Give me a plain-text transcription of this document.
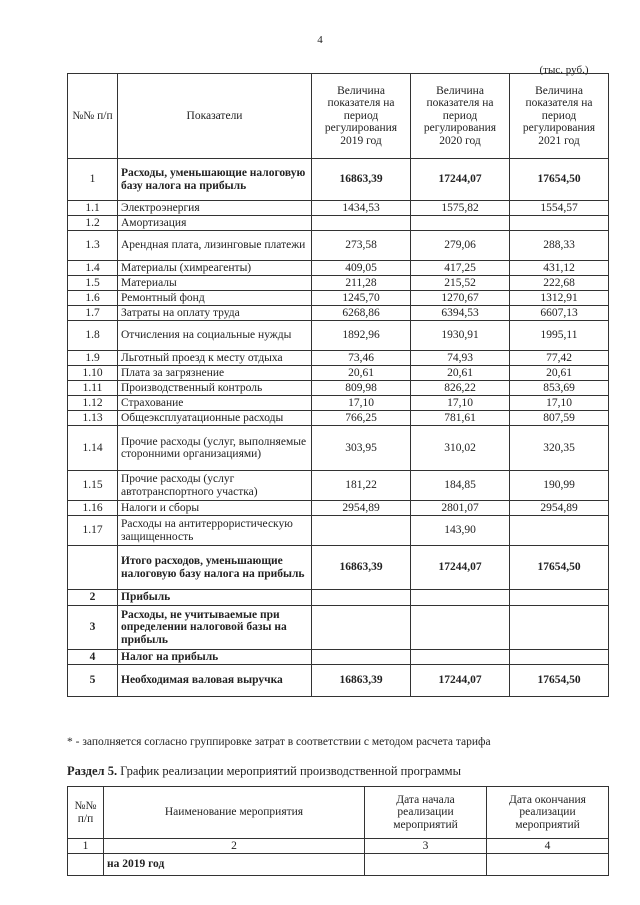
4
(тыс. руб.)
№№ п/п	Показатели	Величина показателя на период регулирования 2019 год	Величина показателя на период регулирования 2020 год	Величина показателя на период регулирования 2021 год
1	Расходы, уменьшающие налоговую базу налога на прибыль	16863,39	17244,07	17654,50
1.1	Электроэнергия	1434,53	1575,82	1554,57
1.2	Амортизация			
1.3	Арендная плата, лизинговые платежи	273,58	279,06	288,33
1.4	Материалы (химреагенты)	409,05	417,25	431,12
1.5	Материалы	211,28	215,52	222,68
1.6	Ремонтный фонд	1245,70	1270,67	1312,91
1.7	Затраты на оплату труда	6268,86	6394,53	6607,13
1.8	Отчисления на социальные нужды	1892,96	1930,91	1995,11
1.9	Льготный проезд к месту отдыха	73,46	74,93	77,42
1.10	Плата за загрязнение	20,61	20,61	20,61
1.11	Производственный контроль	809,98	826,22	853,69
1.12	Страхование	17,10	17,10	17,10
1.13	Общеэксплуатационные расходы	766,25	781,61	807,59
1.14	Прочие расходы (услуг, выполняемые сторонними организациями)	303,95	310,02	320,35
1.15	Прочие расходы (услуг автотранспортного участка)	181,22	184,85	190,99
1.16	Налоги и сборы	2954,89	2801,07	2954,89
1.17	Расходы на антитеррористическую защищенность		143,90	
	Итого расходов, уменьшающие налоговую базу налога на прибыль	16863,39	17244,07	17654,50
2	Прибыль			
3	Расходы, не учитываемые при определении налоговой базы на прибыль			
4	Налог на прибыль			
5	Необходимая валовая выручка	16863,39	17244,07	17654,50
* - заполняется согласно группировке затрат в соответствии с методом расчета тарифа
Раздел 5. График реализации мероприятий производственной программы
№№ п/п	Наименование мероприятия	Дата начала реализации мероприятий	Дата окончания реализации мероприятий
1	2	3	4
	на 2019 год		
